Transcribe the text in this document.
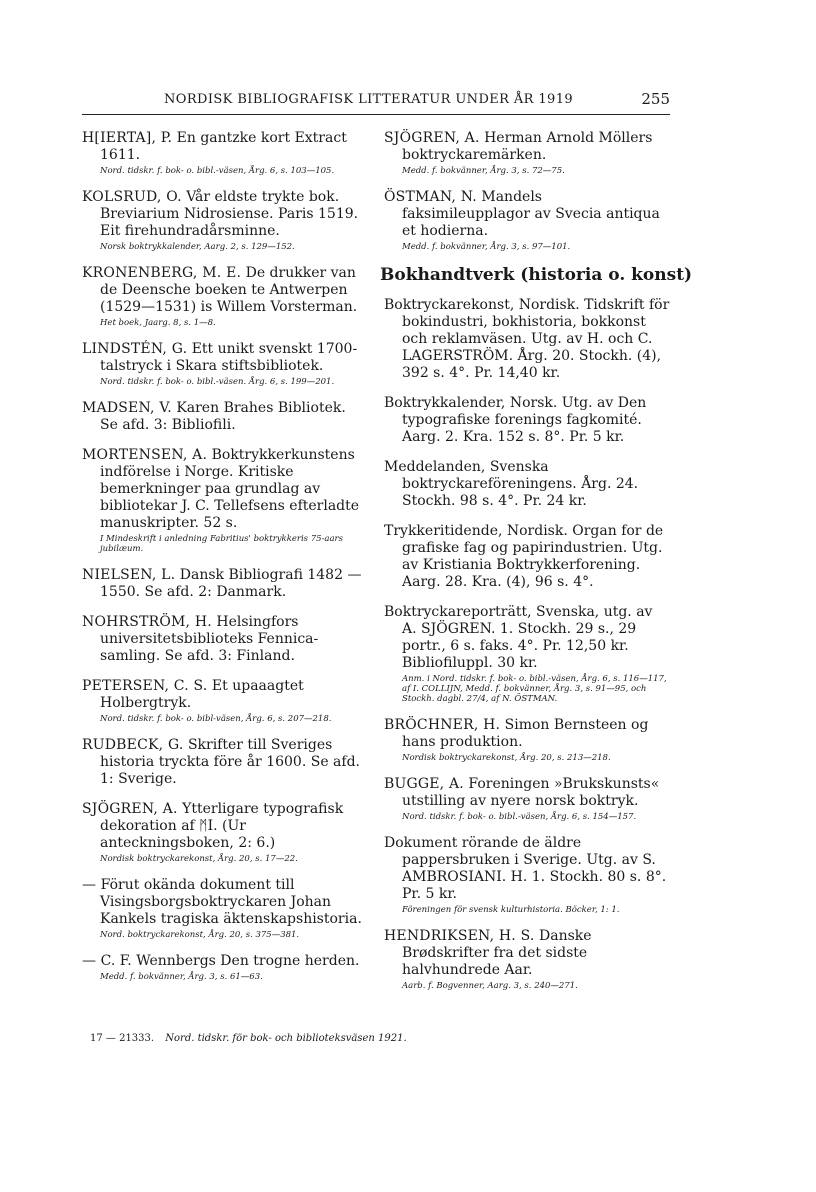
NORDISK BIBLIOGRAFISK LITTERATUR UNDER ÅR 1919	255
H[IERTA], P. En gantzke kort Extract 1611.
Nord. tidskr. f. bok- o. bibl.-väsen, Årg. 6, s. 103—105.
KOLSRUD, O. Vår eldste trykte bok. Breviarium Nidrosiense. Paris 1519. Eit firehundradårsminne.
Norsk boktrykkalender, Aarg. 2, s. 129—152.
KRONENBERG, M. E. De drukker van de Deensche boeken te Antwerpen (1529—1531) is Willem Vorsterman.
Het boek, Jaarg. 8, s. 1—8.
LINDSTÉN, G. Ett unikt svenskt 1700-talstryck i Skara stiftsbibliotek.
Nord. tidskr. f. bok- o. bibl.-väsen. Årg. 6, s. 199—201.
MADSEN, V. Karen Brahes Bibliotek. Se afd. 3: Bibliofili.
MORTENSEN, A. Boktrykkerkunstens indförelse i Norge. Kritiske bemerkninger paa grundlag av bibliotekar J. C. Tellefsens efterladte manuskripter. 52 s.
I Mindeskrift i anledning Fabritius' boktrykkeris 75-aars jubilæum.
NIELSEN, L. Dansk Bibliografi 1482 —1550. Se afd. 2: Danmark.
NOHRSTRÖM, H. Helsingfors universitetsbiblioteks Fennica-samling. Se afd. 3: Finland.
PETERSEN, C. S. Et upaaagtet Holbergtryk.
Nord. tidskr. f. bok- o. bibl-väsen, Årg. 6, s. 207—218.
RUDBECK, G. Skrifter till Sveriges historia tryckta före år 1600. Se afd. 1: Sverige.
SJÖGREN, A. Ytterligare typografisk dekoration af ᛗI. (Ur anteckningsboken, 2: 6.)
Nordisk boktryckarekonst, Årg. 20, s. 17—22.
— Förut okända dokument till Visingsborgsboktryckaren Johan Kankels tragiska äktenskapshistoria.
Nord. boktryckarekonst, Årg. 20, s. 375—381.
— C. F. Wennbergs Den trogne herden.
Medd. f. bokvänner, Årg. 3, s. 61—63.
SJÖGREN, A. Herman Arnold Möllers boktryckaremärken.
Medd. f. bokvänner, Årg. 3, s. 72—75.
ÖSTMAN, N. Mandels faksimileupplagor av Svecia antiqua et hodierna.
Medd. f. bokvänner, Årg. 3, s. 97—101.
Bokhandtverk (historia o. konst)
Boktryckarekonst, Nordisk. Tidskrift för bokindustri, bokhistoria, bokkonst och reklamväsen. Utg. av H. och C. LAGERSTRÖM. Årg. 20. Stockh. (4), 392 s. 4°. Pr. 14,40 kr.
Boktrykkalender, Norsk. Utg. av Den typografiske forenings fagkomité. Aarg. 2. Kra. 152 s. 8°. Pr. 5 kr.
Meddelanden, Svenska boktryckareföreningens. Årg. 24. Stockh. 98 s. 4°. Pr. 24 kr.
Trykkeritidende, Nordisk. Organ for de grafiske fag og papirindustrien. Utg. av Kristiania Boktrykkerforening. Aarg. 28. Kra. (4), 96 s. 4°.
Boktryckareporträtt, Svenska, utg. av A. SJÖGREN. 1. Stockh. 29 s., 29 portr., 6 s. faks. 4°. Pr. 12,50 kr. Bibliofiluppl. 30 kr.
Anm. i Nord. tidskr. f. bok- o. bibl.-väsen, Årg. 6, s. 116—117, af I. COLLIJN, Medd. f. bokvänner, Årg. 3, s. 91—95, och Stockh. dagbl. 27/4, af N. ÖSTMAN.
BRÖCHNER, H. Simon Bernsteen og hans produktion.
Nordisk boktryckarekonst, Årg. 20, s. 213—218.
BUGGE, A. Foreningen »Brukskunsts« utstilling av nyere norsk boktryk.
Nord. tidskr. f. bok- o. bibl.-väsen, Årg. 6, s. 154—157.
Dokument rörande de äldre pappersbruken i Sverige. Utg. av S. AMBROSIANI. H. 1. Stockh. 80 s. 8°. Pr. 5 kr.
Föreningen för svensk kulturhistoria. Böcker, 1: 1.
HENDRIKSEN, H. S. Danske Brødskrifter fra det sidste halvhundrede Aar.
Aarb. f. Bogvenner, Aarg. 3, s. 240—271.
17 — 21333. Nord. tidskr. för bok- och biblioteksväsen 1921.
